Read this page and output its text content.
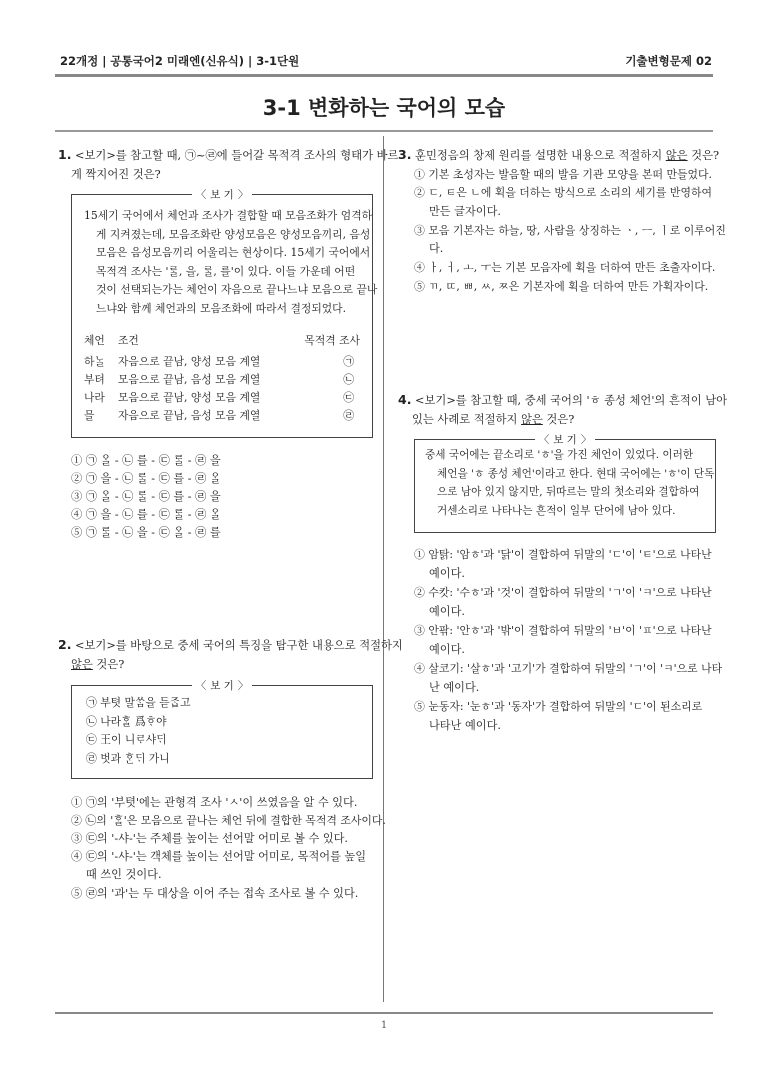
22개정 | 공통국어2 미래엔(신유식) | 3-1단원	기출변형문제 02
3-1 변화하는 국어의 모습
1. <보기>를 참고할 때, ㉠~㉣에 들어갈 목적격 조사의 형태가 바르
게 짝지어진 것은?
〈 보 기 〉
15세기 국어에서 체언과 조사가 결합할 때 모음조화가 엄격하
게 지켜졌는데, 모음조화란 양성모음은 양성모음끼리, 음성
모음은 음성모음끼리 어울리는 현상이다. 15세기 국어에서
목적격 조사는 'ᄅᆞᆯ, 을, ᄅᆞᆯ, 를'이 있다. 이들 가운데 어떤
것이 선택되는가는 체언이 자음으로 끝나느냐 모음으로 끝나
느냐와 함께 체언과의 모음조화에 따라서 결정되었다.
체언 조건	목적격 조사
하ᄂᆞᆯ 자음으로 끝남, 양성 모음 계열	㉠
부텨 모음으로 끝남, 음성 모음 계열	㉡
나라 모음으로 끝남, 양성 모음 계열	㉢
믈 자음으로 끝남, 음성 모음 계열	㉣
① ㉠ ᄋᆞᆯ - ㉡ 를 - ㉢ ᄅᆞᆯ - ㉣ 을
② ㉠ 을 - ㉡ ᄅᆞᆯ - ㉢ 를 - ㉣ ᄋᆞᆯ
③ ㉠ ᄋᆞᆯ - ㉡ ᄅᆞᆯ - ㉢ 를 - ㉣ 을
④ ㉠ 을 - ㉡ 를 - ㉢ ᄅᆞᆯ - ㉣ ᄋᆞᆯ
⑤ ㉠ ᄅᆞᆯ - ㉡ 을 - ㉢ ᄋᆞᆯ - ㉣ 를
2. <보기>를 바탕으로 중세 국어의 특징을 탐구한 내용으로 적절하지
않은 것은?
〈 보 기 〉
㉠ 부텻 말ᄊᆞᆷ을 듣ᄌᆞᆸ고
㉡ 나라ᄒᆞᆯ 爲ᄒᆞ야
㉢ 王이 니ᄅᆞ샤ᄃᆡ
㉣ 벗과 ᄒᆞᆫᄃᆡ 가니
① ㉠의 '부텻'에는 관형격 조사 'ㅅ'이 쓰였음을 알 수 있다.
② ㉡의 'ᄒᆞᆯ'은 모음으로 끝나는 체언 뒤에 결합한 목적격 조사이다.
③ ㉢의 '-샤-'는 주체를 높이는 선어말 어미로 볼 수 있다.
④ ㉢의 '-샤-'는 객체를 높이는 선어말 어미로, 목적어를 높일
때 쓰인 것이다.
⑤ ㉣의 '과'는 두 대상을 이어 주는 접속 조사로 볼 수 있다.
3. 훈민정음의 창제 원리를 설명한 내용으로 적절하지 않은 것은?
① 기본 초성자는 발음할 때의 발음 기관 모양을 본떠 만들었다.
② ㄷ, ㅌ은 ㄴ에 획을 더하는 방식으로 소리의 세기를 반영하여
만든 글자이다.
③ 모음 기본자는 하늘, 땅, 사람을 상징하는 ㆍ, ㅡ, ㅣ로 이루어진
다.
④ ㅏ, ㅓ, ㅗ, ㅜ는 기본 모음자에 획을 더하여 만든 초출자이다.
⑤ ㄲ, ㄸ, ㅃ, ㅆ, ㅉ은 기본자에 획을 더하여 만든 가획자이다.
4. <보기>를 참고할 때, 중세 국어의 'ㅎ 종성 체언'의 흔적이 남아
있는 사례로 적절하지 않은 것은?
〈 보 기 〉
중세 국어에는 끝소리로 'ㅎ'을 가진 체언이 있었다. 이러한
체언을 'ㅎ 종성 체언'이라고 한다. 현대 국어에는 'ㅎ'이 단독
으로 남아 있지 않지만, 뒤따르는 말의 첫소리와 결합하여
거센소리로 나타나는 흔적이 일부 단어에 남아 있다.
① 암탉: '암ㅎ'과 '닭'이 결합하여 뒤말의 'ㄷ'이 'ㅌ'으로 나타난
예이다.
② 수캇: '수ㅎ'과 '것'이 결합하여 뒤말의 'ㄱ'이 'ㅋ'으로 나타난
예이다.
③ 안팎: '안ㅎ'과 '밖'이 결합하여 뒤말의 'ㅂ'이 'ㅍ'으로 나타난
예이다.
④ 살코기: '살ㅎ'과 '고기'가 결합하여 뒤말의 'ㄱ'이 'ㅋ'으로 나타
난 예이다.
⑤ 눈동자: '눈ㅎ'과 '동자'가 결합하여 뒤말의 'ㄷ'이 된소리로
나타난 예이다.
1
